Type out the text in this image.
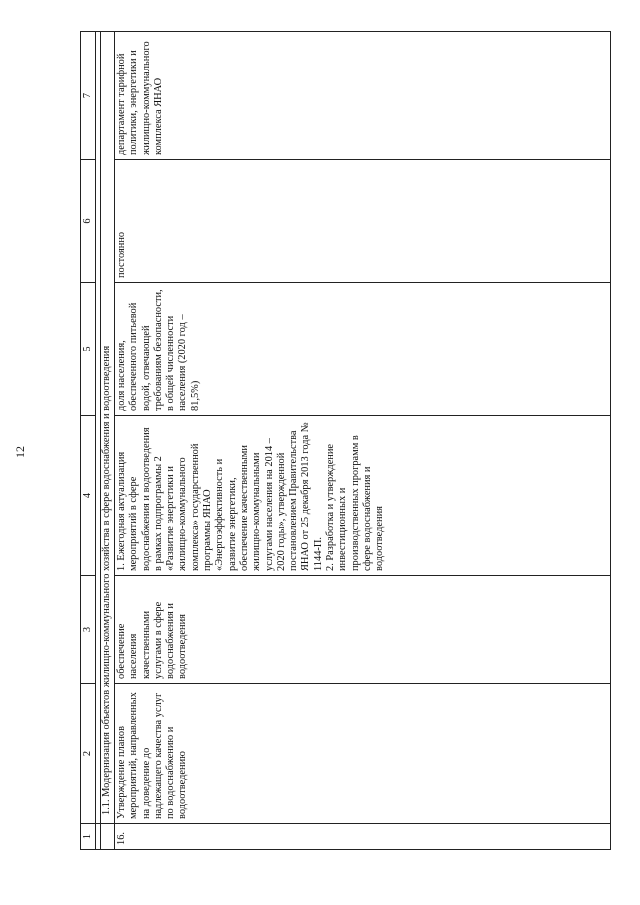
12
1	2	3	4	5	6	7

	1.1. Модернизация объектов жилищно-коммунального хозяйства в сфере водоснабжения и водоотведения					
16.	Утверждение планов мероприятий, направленных на доведение до надлежащего качества услуг по водоснабжению и водоотведению	обеспечение населения качественными услугами в сфере водоснабжения и водоотведения	1. Ежегодная актуализация мероприятий в сфере водоснабжения и водоотведения в рамках подпрограммы 2 «Развитие энергетики и жилищно-коммунального комплекса» государственной программы ЯНАО «Энергоэффективность и развитие энергетики, обеспечение качественными жилищно-коммунальными услугами населения на 2014 – 2020 годы», утвержденной постановлением Правительства ЯНАО от 25 декабря 2013 года № 1144-П. 2. Разработка и утверждение инвестиционных и производственных программ в сфере водоснабжения и водоотведения	доля населения, обеспеченного питьевой водой, отвечающей требованиям безопасности, в общей численности населения (2020 год – 81,5%)	постоянно	департамент тарифной политики, энергетики и жилищно-коммунального комплекса ЯНАО
